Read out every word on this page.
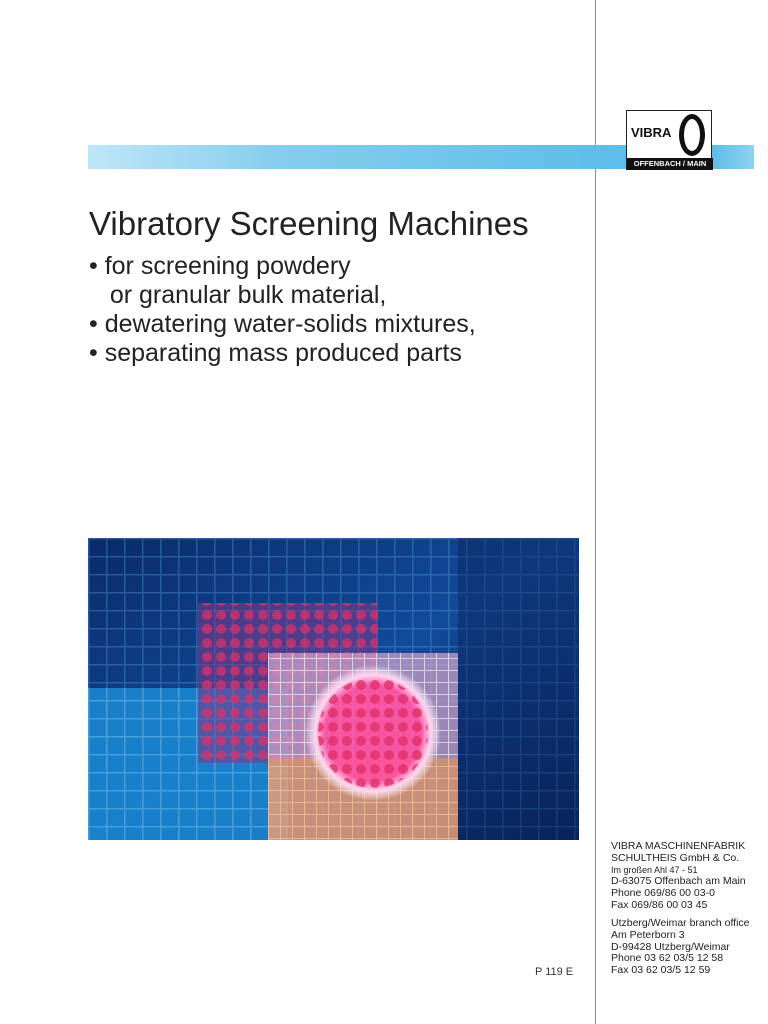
VIBRA
OFFENBACH / MAIN
Vibratory Screening Machines
• for screening powdery
or granular bulk material,
• dewatering water-solids mixtures,
• separating mass produced parts
P 119 E
VIBRA MASCHINENFABRIK
SCHULTHEIS GmbH & Co.
Im großen Ahl 47 - 51
D-63075 Offenbach am Main
Phone 069/86 00 03-0
Fax 069/86 00 03 45
Utzberg/Weimar branch office
Am Peterborn 3
D-99428 Utzberg/Weimar
Phone 03 62 03/5 12 58
Fax 03 62 03/5 12 59
